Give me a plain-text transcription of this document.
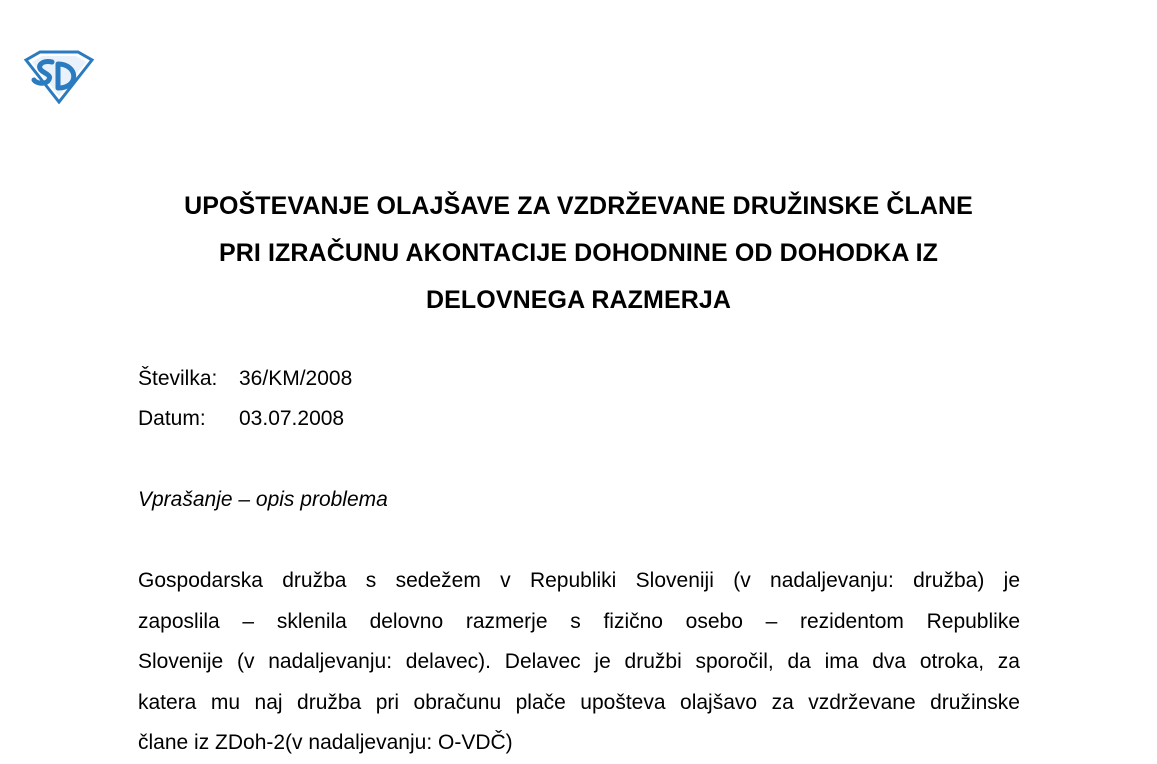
UPOŠTEVANJE OLAJŠAVE ZA VZDRŽEVANE DRUŽINSKE ČLANE
PRI IZRAČUNU AKONTACIJE DOHODNINE OD DOHODKA IZ
DELOVNEGA RAZMERJA
Številka: 36/KM/2008
Datum: 03.07.2008
Vprašanje – opis problema
Gospodarska družba s sedežem v Republiki Sloveniji (v nadaljevanju: družba) je
zaposlila – sklenila delovno razmerje s fizično osebo – rezidentom Republike
Slovenije (v nadaljevanju: delavec). Delavec je družbi sporočil, da ima dva otroka, za
katera mu naj družba pri obračunu plače upošteva olajšavo za vzdrževane družinske
člane iz ZDoh-2(v nadaljevanju: O-VDČ)
